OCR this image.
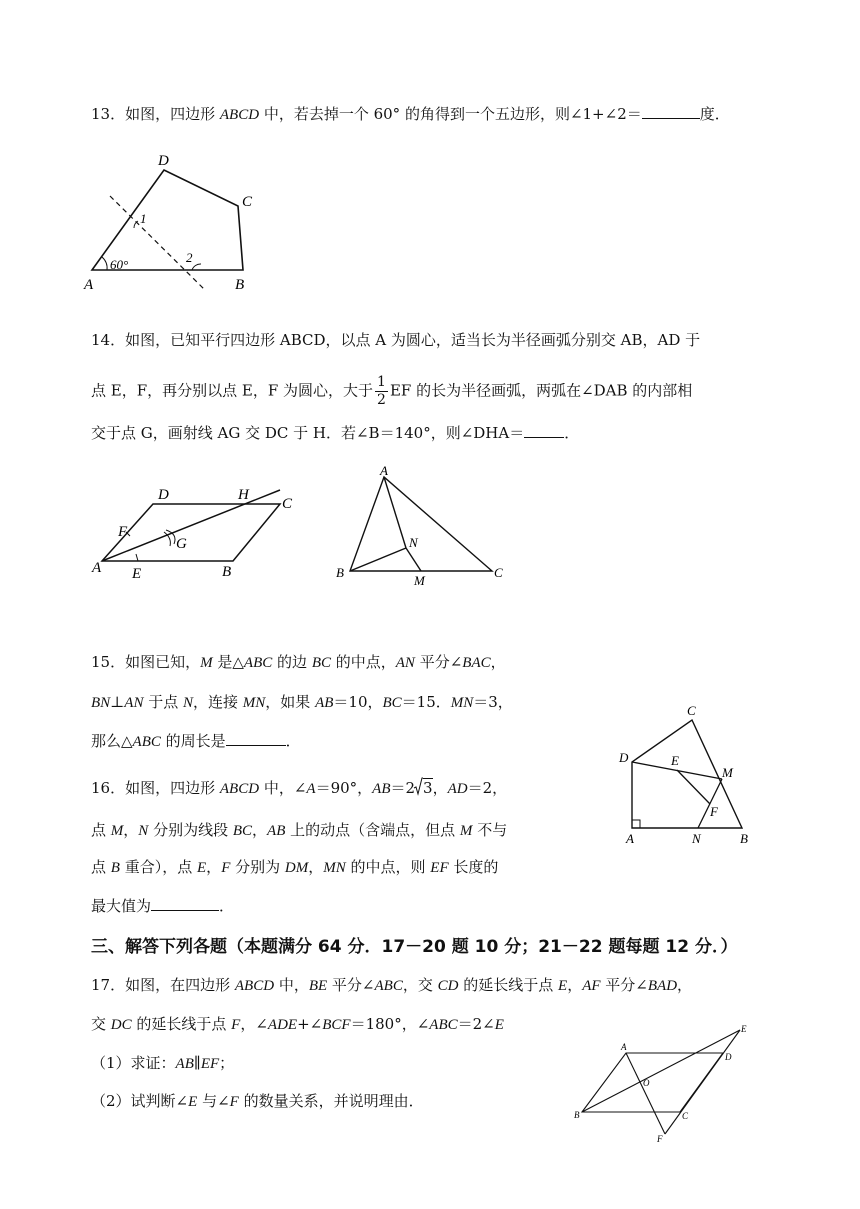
13．如图，四边形 ABCD 中，若去掉一个 60° 的角得到一个五边形，则∠1+∠2＝	度．
D
C
A	B
1
2
60°
14．如图，已知平行四边形 ABCD，以点 A 为圆心，适当长为半径画弧分别交 AB，AD 于
点 E，F，再分别以点 E，F 为圆心，大于 $\frac{1}{2}$ EF 的长为半径画弧，两弧在∠DAB 的内部相
交于点 G，画射线 AG 交 DC 于 H．若∠B＝140°，则∠DHA＝	．
D	H
C
F
G
A E	B
A
N
B
M
C
15．如图已知，M 是△ABC 的边 BC 的中点，AN 平分∠BAC，
BN⊥AN 于点 N，连接 MN，如果 AB＝10，BC＝15．MN＝3，
那么△ABC 的周长是	．
16．如图，四边形 ABCD 中，∠A＝90°，AB＝2 3，AD＝2，
点 M，N 分别为线段 BC，AB 上的动点（含端点，但点 M 不与
点 B 重合），点 E，F 分别为 DM，MN 的中点，则 EF 长度的
最大值为	．
C
D	E
M
F
A	N	B
三、解答下列各题（本题满分 64 分．17－20 题 10 分；21－22 题每题 12 分．）
17．如图，在四边形 ABCD 中，BE 平分∠ABC，交 CD 的延长线于点 E，AF 平分∠BAD，
交 DC 的延长线于点 F，∠ADE+∠BCF＝180°，∠ABC＝2∠E
（1）求证：AB∥EF；
（2）试判断∠E 与∠F 的数量关系，并说明理由．
A
E
D
O
B	C
F
